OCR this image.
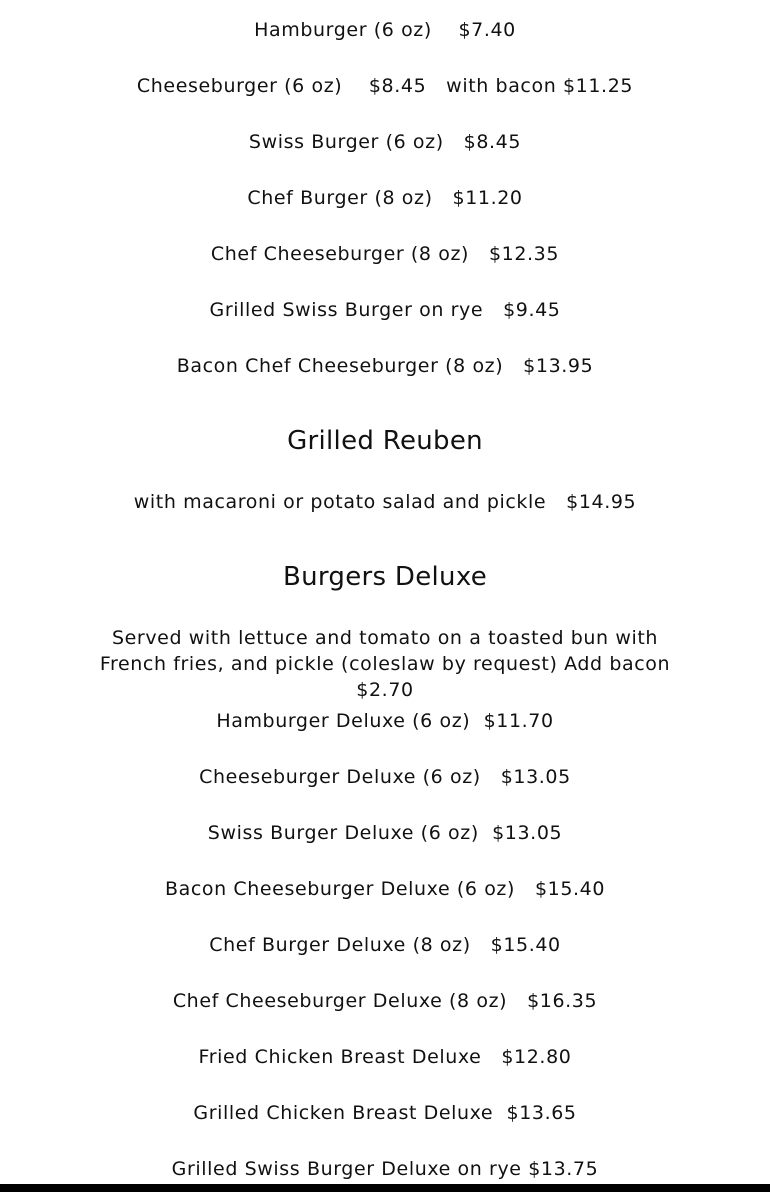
Hamburger (6 oz)    $7.40
Cheeseburger (6 oz)    $8.45   with bacon $11.25
Swiss Burger (6 oz)   $8.45
Chef Burger (8 oz)   $11.20
Chef Cheeseburger (8 oz)   $12.35
Grilled Swiss Burger on rye   $9.45
Bacon Chef Cheeseburger (8 oz)   $13.95
Grilled Reuben
with macaroni or potato salad and pickle   $14.95
Burgers Deluxe
Served with lettuce and tomato on a toasted bun with French fries, and pickle (coleslaw by request) Add bacon $2.70
Hamburger Deluxe (6 oz)  $11.70
Cheeseburger Deluxe (6 oz)   $13.05
Swiss Burger Deluxe (6 oz)  $13.05
Bacon Cheeseburger Deluxe (6 oz)   $15.40
Chef Burger Deluxe (8 oz)   $15.40
Chef Cheeseburger Deluxe (8 oz)   $16.35
Fried Chicken Breast Deluxe   $12.80
Grilled Chicken Breast Deluxe  $13.65
Grilled Swiss Burger Deluxe on rye $13.75
